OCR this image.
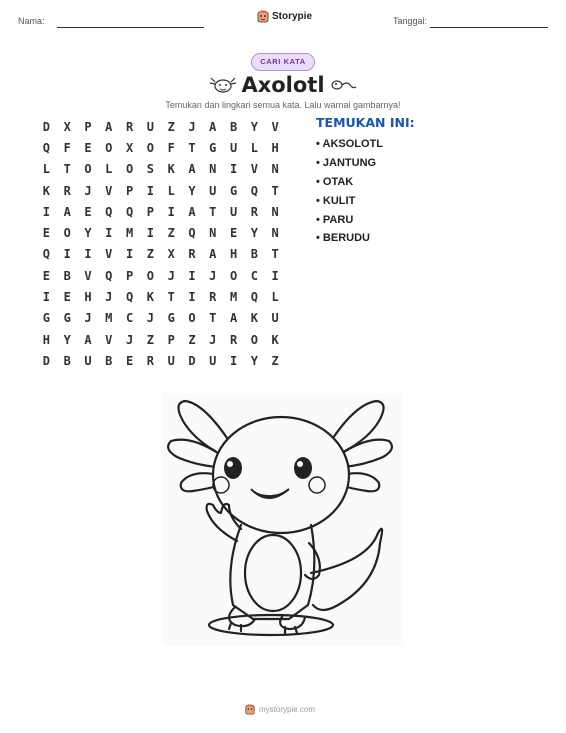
Nama:	Storypie	Tanggal:
CARI KATA
Axolotl
Temukan dan lingkari semua kata. Lalu warnai gambarnya!
D	X	P	A	R	U	Z	J	A	B	Y	V
Q	F	E	O	X	O	F	T	G	U	L	H
L	T	O	L	O	S	K	A	N	I	V	N
K	R	J	V	P	I	L	Y	U	G	Q	T
I	A	E	Q	Q	P	I	A	T	U	R	N
E	O	Y	I	M	I	Z	Q	N	E	Y	N
Q	I	I	V	I	Z	X	R	A	H	B	T
E	B	V	Q	P	O	J	I	J	O	C	I
I	E	H	J	Q	K	T	I	R	M	Q	L
G	G	J	M	C	J	G	O	T	A	K	U
H	Y	A	V	J	Z	P	Z	J	R	O	K
D	B	U	B	E	R	U	D	U	I	Y	Z
TEMUKAN INI:
• AKSOLOTL
• JANTUNG
• OTAK
• KULIT
• PARU
• BERUDU
mystorypie.com
